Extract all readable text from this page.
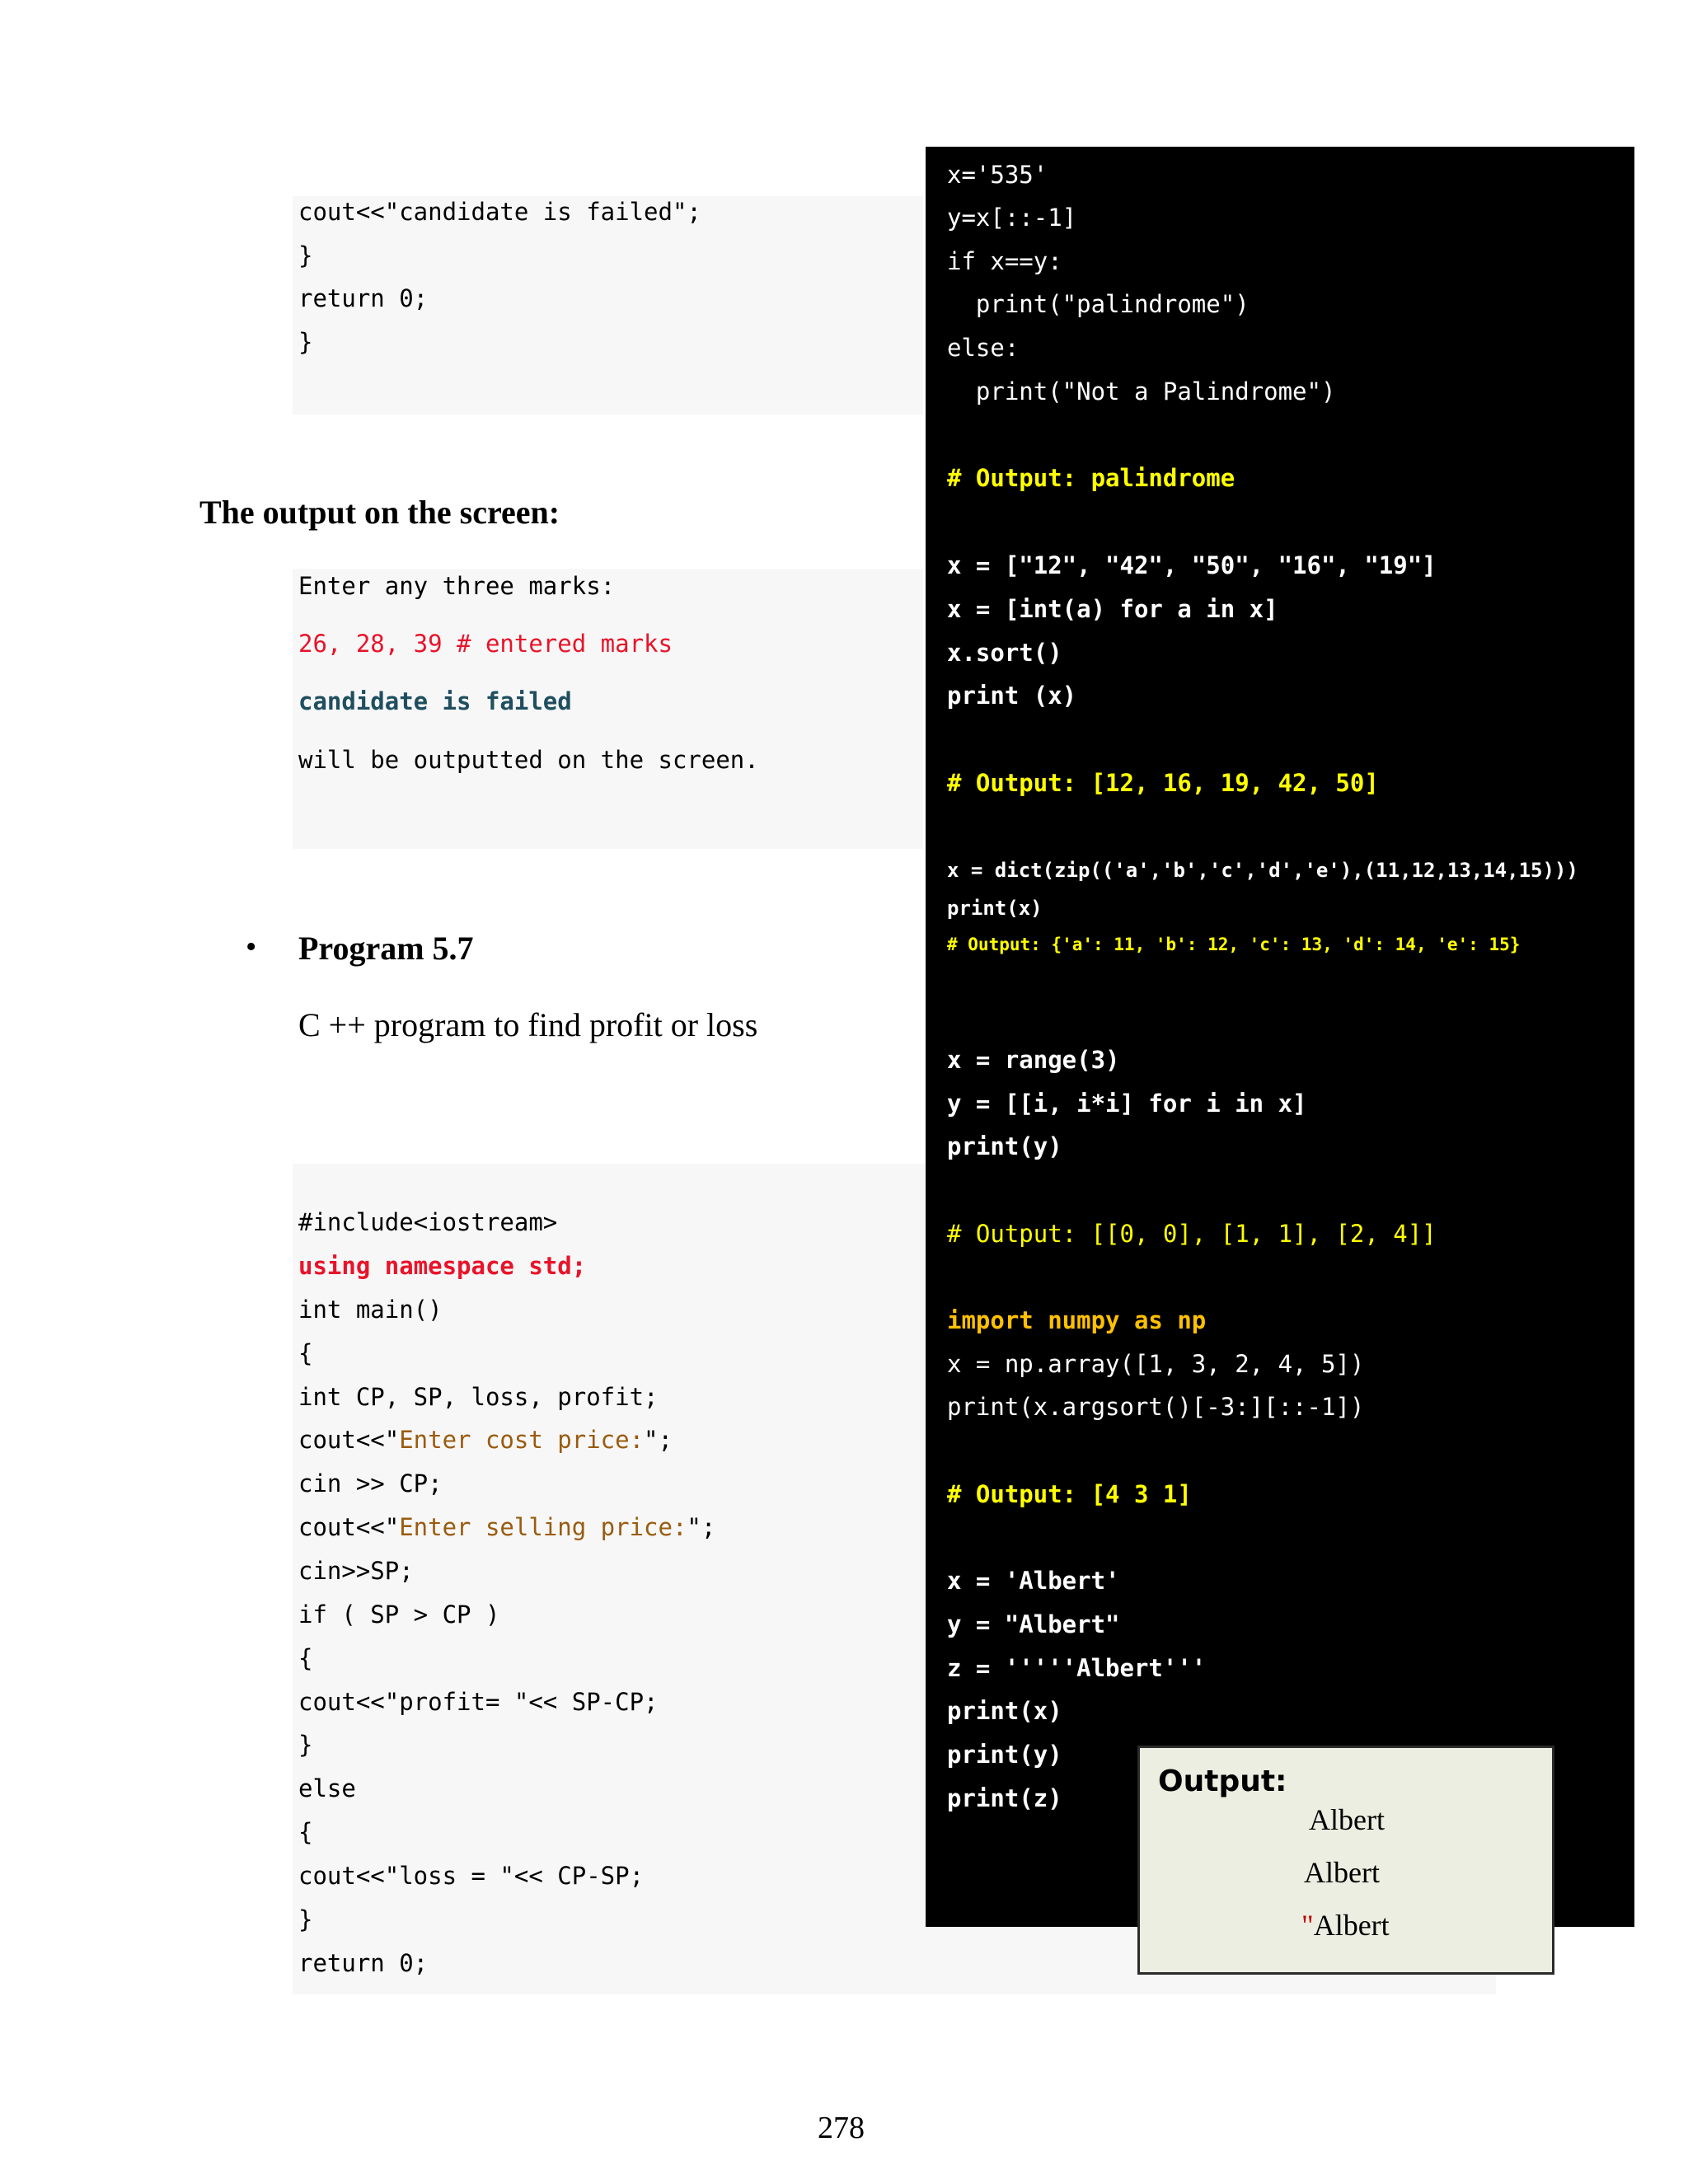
cout<<"candidate is failed";
}
return 0;
}
The output on the screen:
Enter any three marks:
26, 28, 39 # entered marks
candidate is failed
will be outputted on the screen.
• Program 5.7
C ++ program to find profit or loss
#include<iostream>
using namespace std;
int main()
{
int CP, SP, loss, profit;
cout<<"Enter cost price:";
cin >> CP;
cout<<"Enter selling price:";
cin>>SP;
if ( SP > CP )
{
cout<<"profit= "<< SP-CP;
}
else
{
cout<<"loss = "<< CP-SP;
}
return 0;
x='535'
y=x[::-1]
if x==y:
print("palindrome")
else:
print("Not a Palindrome")
# Output: palindrome
x = ["12", "42", "50", "16", "19"]
x = [int(a) for a in x]
x.sort()
print (x)
# Output: [12, 16, 19, 42, 50]
x = dict(zip(('a','b','c','d','e'),(11,12,13,14,15)))
print(x)
# Output: {'a': 11, 'b': 12, 'c': 13, 'd': 14, 'e': 15}
x = range(3)
y = [[i, i*i] for i in x]
print(y)
# Output: [[0, 0], [1, 1], [2, 4]]
import numpy as np
x = np.array([1, 3, 2, 4, 5])
print(x.argsort()[-3:][::-1])
# Output: [4 3 1]
x = 'Albert'
y = "Albert"
z = '''''Albert'''
print(x)
print(y)
print(z)	Output:
Albert
Albert
"Albert
278
